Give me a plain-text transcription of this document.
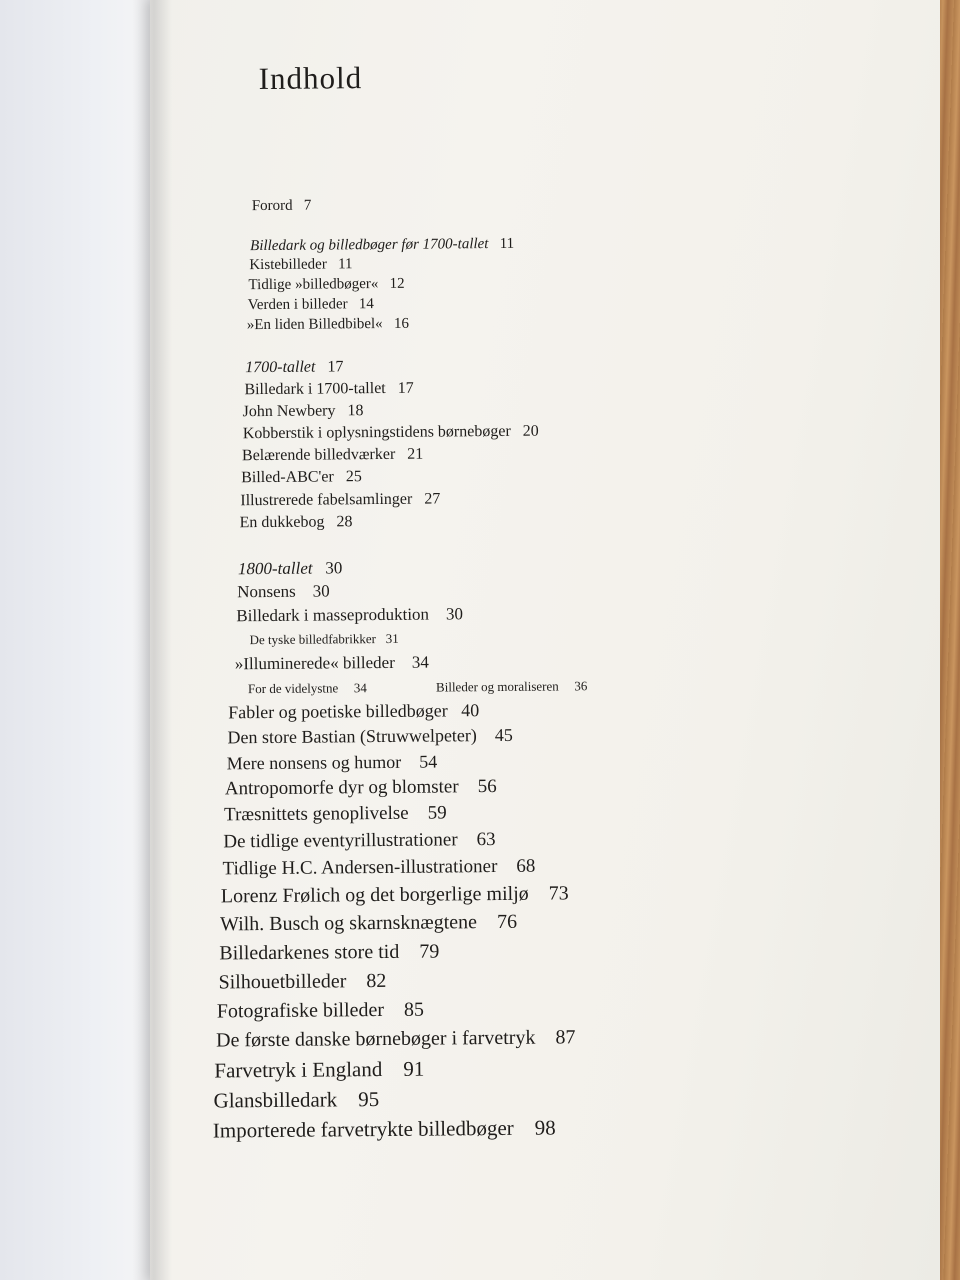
Indhold
Forord 7
Billedark og billedbøger før 1700-tallet 11
Kistebilleder 11
Tidlige »billedbøger« 12
Verden i billeder 14
»En liden Billedbibel« 16
1700-tallet 17
Billedark i 1700-tallet 17
John Newbery 18
Kobberstik i oplysningstidens børnebøger 20
Belærende billedværker 21
Billed-ABC'er 25
Illustrerede fabelsamlinger 27
En dukkebog 28
1800-tallet 30
Nonsens 30
Billedark i masseproduktion 30
De tyske billedfabrikker 31
»Illuminerede« billeder 34
For de videlystne 34	Billeder og moraliseren 36
Fabler og poetiske billedbøger 40
Den store Bastian (Struwwelpeter) 45
Mere nonsens og humor 54
Antropomorfe dyr og blomster 56
Træsnittets genoplivelse 59
De tidlige eventyrillustrationer 63
Tidlige H.C. Andersen-illustrationer 68
Lorenz Frølich og det borgerlige miljø 73
Wilh. Busch og skarnsknægtene 76
Billedarkenes store tid 79
Silhouetbilleder 82
Fotografiske billeder 85
De første danske børnebøger i farvetryk 87
Farvetryk i England 91
Glansbilledark 95
Importerede farvetrykte billedbøger 98
